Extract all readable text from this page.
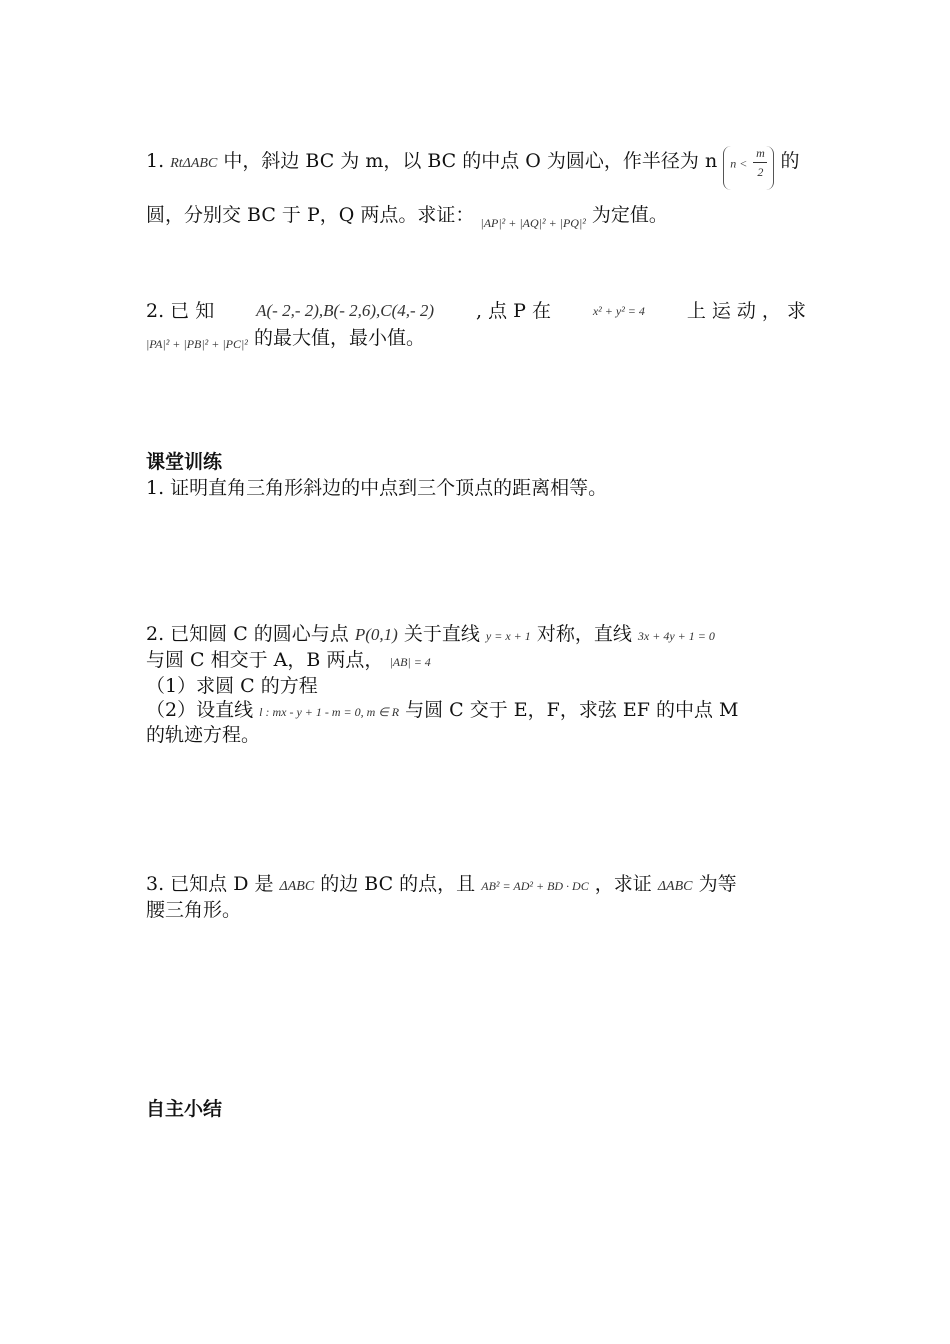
1. RtΔABC 中，斜边 BC 为 m，以 BC 的中点 O 为圆心，作半径为 n $n < \frac{m}{2}$ 的
圆，分别交 BC 于 P，Q 两点。求证： $_{|AP|^2 + |AQ|^2 + |PQ|^2}$ 为定值。
2. 已 知 A(- 2,- 2),B(- 2,6),C(4,- 2) , 点 P 在	x² + y² = 4 上 运 动 ， 求
$_{|PA|^2 + |PB|^2 + |PC|^2}$ 的最大值，最小值。
课堂训练
1. 证明直角三角形斜边的中点到三个顶点的距离相等。
2. 已知圆 C 的圆心与点 P(0,1) 关于直线 y = x + 1 对称，直线 3x + 4y + 1 = 0
与圆 C 相交于 A，B 两点， |AB| = 4
（1）求圆 C 的方程
（2）设直线 l : mx - y + 1 - m = 0, m ∈ R 与圆 C 交于 E，F，求弦 EF 的中点 M
的轨迹方程。
3. 已知点 D 是 ΔABC 的边 BC 的点，且 AB² = AD² + BD · DC ，求证 ΔABC 为等
腰三角形。
自主小结
